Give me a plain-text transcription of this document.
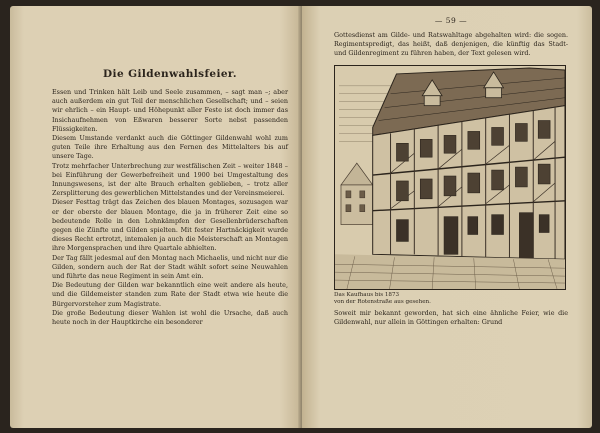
Die Gildenwahlsfeier.

Essen und Trinken hält Leib und Seele zusammen, – sagt man –; aber auch außerdem ein gut Teil der menschlichen Gesellschaft; und – seien wir ehrlich – ein Haupt- und Höhepunkt aller Feste ist doch immer das Insichaufnehmen von Eßwaren besserer Sorte nebst passenden Flüssigkeiten.

Diesem Umstande verdankt auch die Göttinger Gildenwahl wohl zum guten Teile ihre Erhaltung aus den Fernen des Mittelalters bis auf unsere Tage.

Trotz mehrfacher Unterbrechung zur westfälischen Zeit – weiter 1848 – bei Einführung der Gewerbefreiheit und 1900 bei Umgestaltung des Innungswesens, ist der alte Brauch erhalten geblieben, – trotz aller Zersplitterung des gewerblichen Mittelstandes und der Vereinsmeierei.

Dieser Festtag trägt das Zeichen des blauen Montages, sozusagen war er der oberste der blauen Montage, die ja in früherer Zeit eine so bedeutende Rolle in den Lohnkämpfen der Gesellenbrüderschaften gegen die Zünfte und Gilden spielten. Mit fester Hartnäckigkeit wurde dieses Recht ertrotzt, intemalen ja auch die Meisterschaft an Montagen ihre Morgensprachen und ihre Quartale abhielten.

Der Tag fällt jedesmal auf den Montag nach Michaelis, und nicht nur die Gilden, sondern auch der Rat der Stadt wählt sofort seine Neuwahlen und führte das neue Regiment in sein Amt ein.

Die Bedeutung der Gilden war bekanntlich eine weit andere als heute, und die Gildemeister standen zum Rate der Stadt etwa wie heute die Bürgervorsteher zum Magistrate.

Die große Bedeutung dieser Wahlen ist wohl die Ursache, daß auch heute noch in der Hauptkirche ein besonderer

— 59 —

Gottesdienst am Gilde- und Ratswahltage abgehalten wird: die sogen. Regimentspredigt, das heißt, daß denjenigen, die künftig das Stadt- und Gildenregiment zu führen haben, der Text gelesen wird.

Das Kaufhaus bis 1873
von der Rotenstraße aus gesehen.

Soweit mir bekannt geworden, hat sich eine ähnliche Feier, wie die Gildenwahl, nur allein in Göttingen erhalten: Grund
